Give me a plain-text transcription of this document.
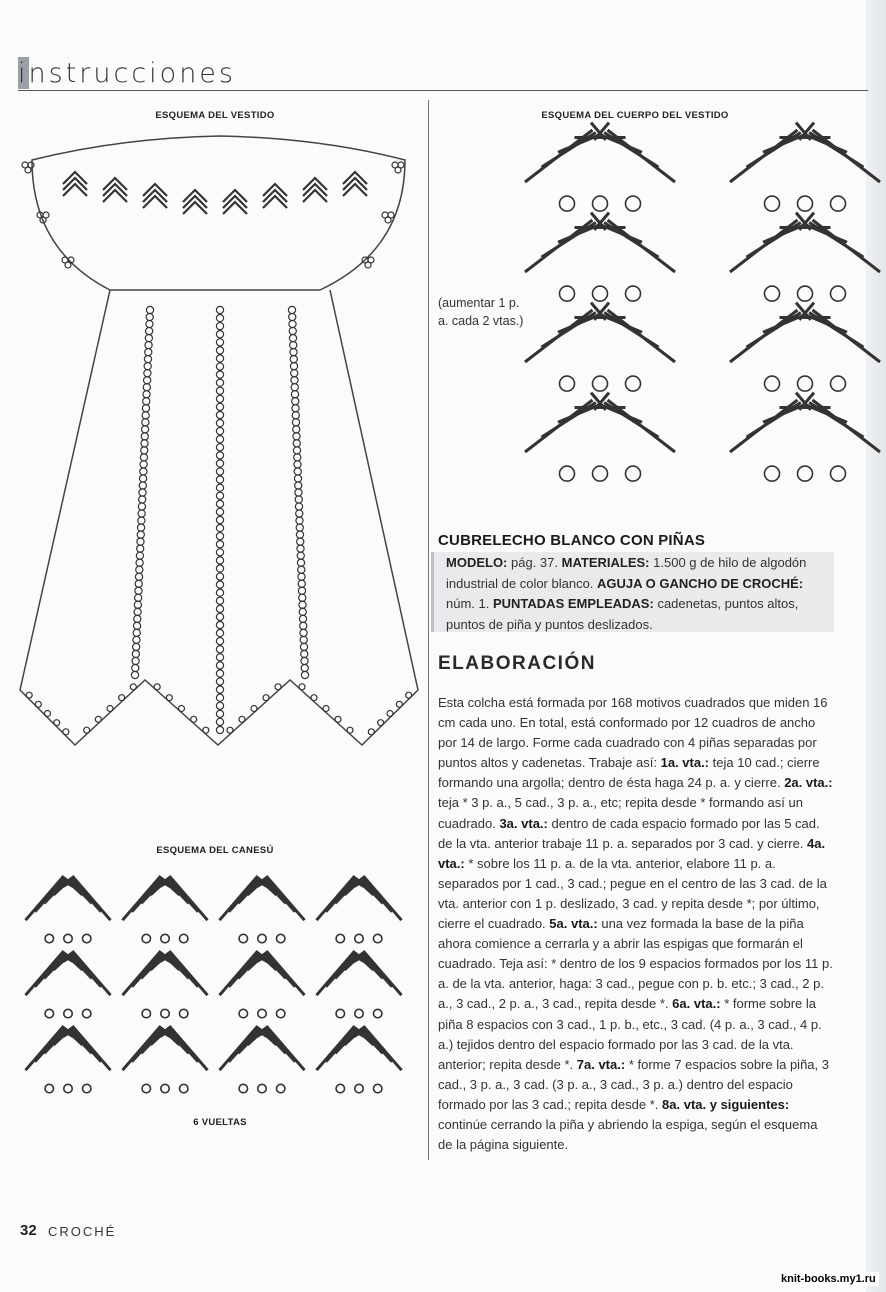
instrucciones
ESQUEMA DEL VESTIDO	ESQUEMA DEL CUERPO DEL VESTIDO
ESQUEMA DEL CANESÚ
6 VUELTAS
(aumentar 1 p. a. cada 2 vtas.)
CUBRELECHO BLANCO CON PIÑAS
MODELO: pág. 37. MATERIALES: 1.500 g de hilo de algodón industrial de color blanco. AGUJA O GANCHO DE CROCHÉ: núm. 1. PUNTADAS EMPLEADAS: cadenetas, puntos altos, puntos de piña y puntos deslizados.
ELABORACIÓN
Esta colcha está formada por 168 motivos cuadrados que miden 16 cm cada uno. En total, está conformado por 12 cuadros de ancho por 14 de largo. Forme cada cuadrado con 4 piñas separadas por puntos altos y cadenetas. Trabaje así: 1a. vta.: teja 10 cad.; cierre formando una argolla; dentro de ésta haga 24 p. a. y cierre. 2a. vta.: teja * 3 p. a., 5 cad., 3 p. a., etc; repita desde * formando así un cuadrado. 3a. vta.: dentro de cada espacio formado por las 5 cad. de la vta. anterior trabaje 11 p. a. separados por 3 cad. y cierre. 4a. vta.: * sobre los 11 p. a. de la vta. anterior, elabore 11 p. a. separados por 1 cad., 3 cad.; pegue en el centro de las 3 cad. de la vta. anterior con 1 p. deslizado, 3 cad. y repita desde *; por último, cierre el cuadrado. 5a. vta.: una vez formada la base de la piña ahora comience a cerrarla y a abrir las espigas que formarán el cuadrado. Teja así: * dentro de los 9 espacios formados por los 11 p. a. de la vta. anterior, haga: 3 cad., pegue con p. b. etc.; 3 cad., 2 p. a., 3 cad., 2 p. a., 3 cad., repita desde *. 6a. vta.: * forme sobre la piña 8 espacios con 3 cad., 1 p. b., etc., 3 cad. (4 p. a., 3 cad., 4 p. a.) tejidos dentro del espacio formado por las 3 cad. de la vta. anterior; repita desde *. 7a. vta.: * forme 7 espacios sobre la piña, 3 cad., 3 p. a., 3 cad. (3 p. a., 3 cad., 3 p. a.) dentro del espacio formado por las 3 cad.; repita desde *. 8a. vta. y siguientes: continúe cerrando la piña y abriendo la espiga, según el esquema de la página siguiente.
32 CROCHÉ
knit-books.my1.ru
